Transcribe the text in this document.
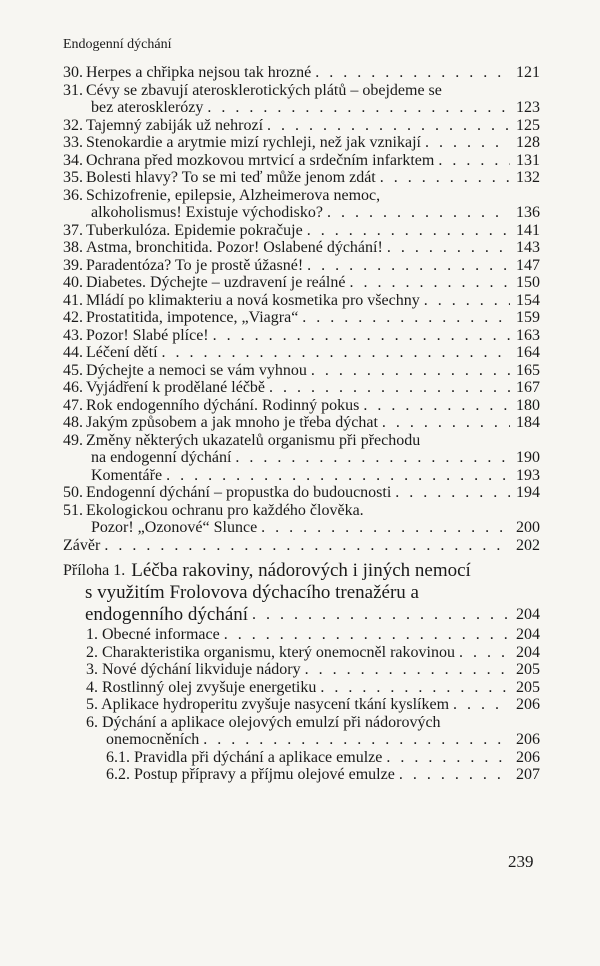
Endogenní dýchání
30. Herpes a chřipka nejsou tak hrozné . . .	121
31. Cévy se zbavují aterosklerotických plátů – obejdeme se
bez aterosklerózy . . .	123
32. Tajemný zabiják už nehrozí . . .	125
33. Stenokardie a arytmie mizí rychleji, než jak vznikají . . .	128
34. Ochrana před mozkovou mrtvicí a srdečním infarktem . . .	131
35. Bolesti hlavy? To se mi teď může jenom zdát . . .	132
36. Schizofrenie, epilepsie, Alzheimerova nemoc,
alkoholismus! Existuje východisko? . . .	136
37. Tuberkulóza. Epidemie pokračuje . . .	141
38. Astma, bronchitida. Pozor! Oslabené dýchání! . . .	143
39. Paradentóza? To je prostě úžasné! . . .	147
40. Diabetes. Dýchejte – uzdravení je reálné . . .	150
41. Mládí po klimakteriu a nová kosmetika pro všechny . . .	154
42. Prostatitida, impotence, „Viagra“ . . .	159
43. Pozor! Slabé plíce! . . .	163
44. Léčení dětí . . .	164
45. Dýchejte a nemoci se vám vyhnou . . .	165
46. Vyjádření k prodělané léčbě . . .	167
47. Rok endogenního dýchání. Rodinný pokus . . .	180
48. Jakým způsobem a jak mnoho je třeba dýchat . . .	184
49. Změny některých ukazatelů organismu při přechodu
na endogenní dýchání . . .	190
Komentáře . . .	193
50. Endogenní dýchání – propustka do budoucnosti . . .	194
51. Ekologickou ochranu pro každého člověka.
Pozor! „Ozonové“ Slunce . . .	200
Závěr . . .	202
Příloha 1. Léčba rakoviny, nádorových i jiných nemocí
s využitím Frolovova dýchacího trenažéru a
endogenního dýchání . . .	204
1. Obecné informace . . .	204
2. Charakteristika organismu, který onemocněl rakovinou . . .	204
3. Nové dýchání likviduje nádory . . .	205
4. Rostlinný olej zvyšuje energetiku . . .	205
5. Aplikace hydroperitu zvyšuje nasycení tkání kyslíkem . . .	206
6. Dýchání a aplikace olejových emulzí při nádorových
onemocněních . . .	206
6.1. Pravidla při dýchání a aplikace emulze . . .	206
6.2. Postup přípravy a příjmu olejové emulze . . .	207
239
